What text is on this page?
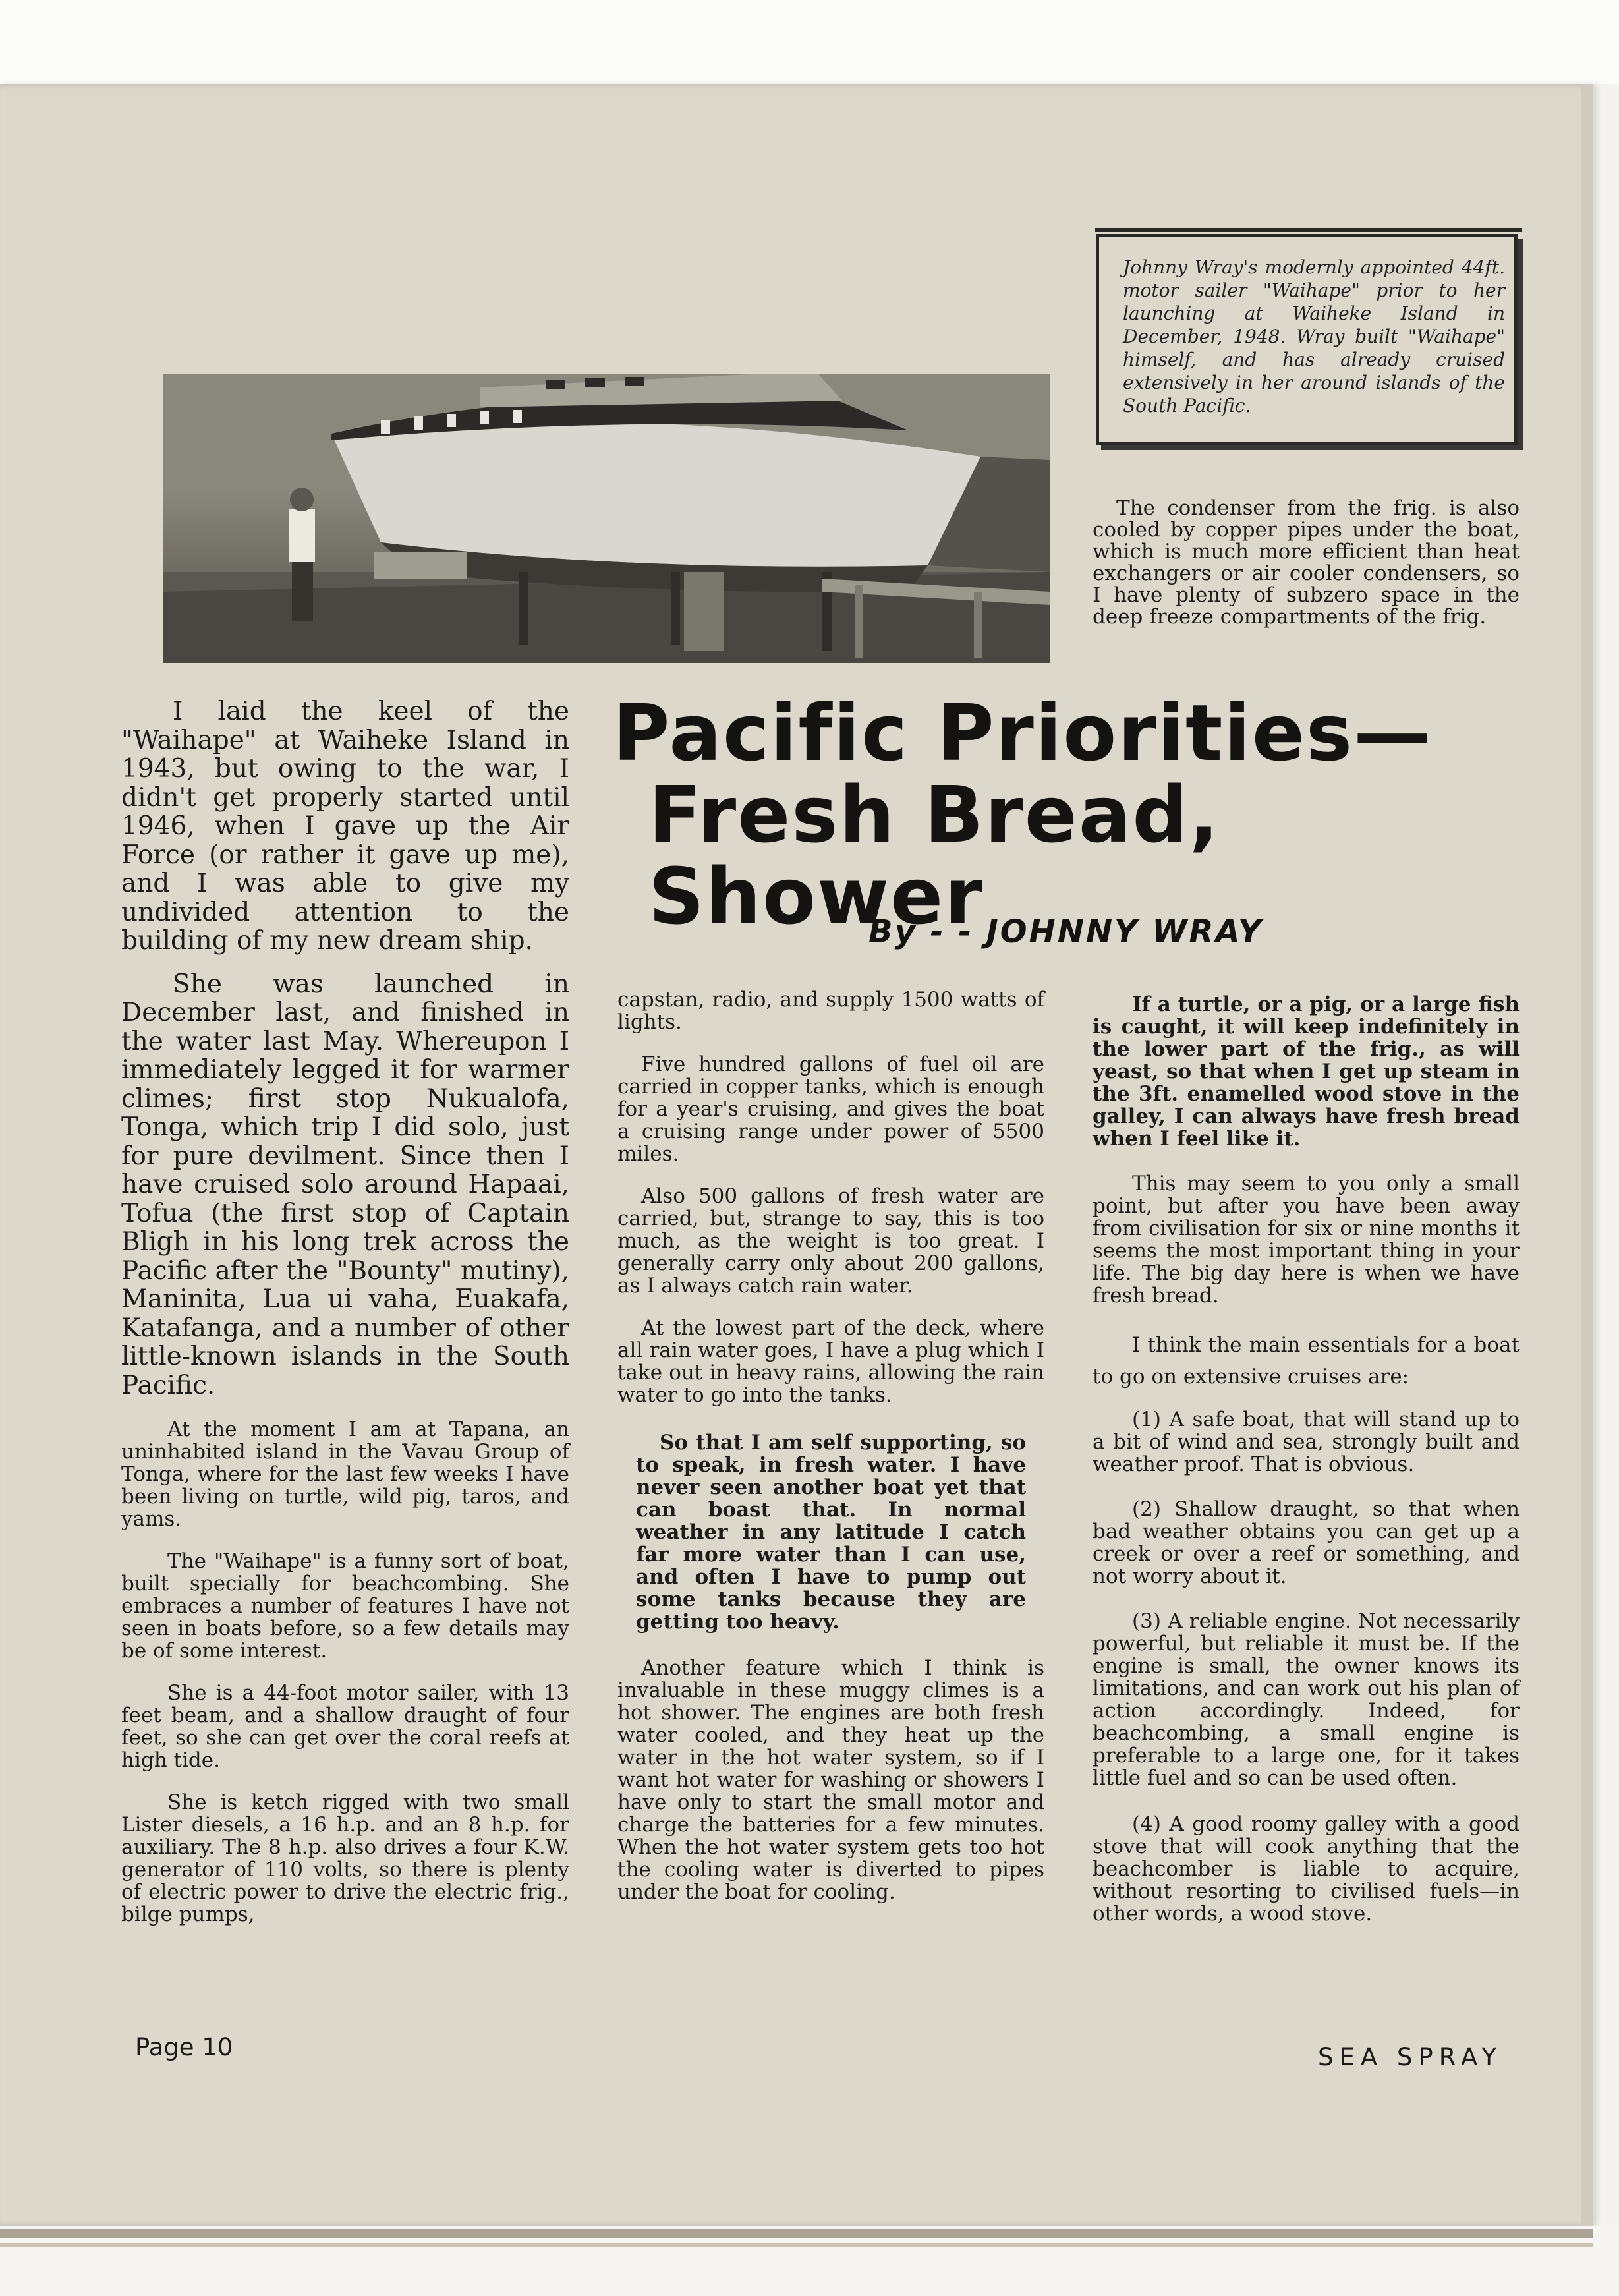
Johnny Wray's modernly appointed 44ft. motor sailer "Waihape" prior to her launching at Waiheke Island in December, 1948. Wray built "Waihape" himself, and has already cruised extensively in her around islands of the South Pacific.

The condenser from the frig. is also cooled by copper pipes under the boat, which is much more efficient than heat exchangers or air cooler condensers, so I have plenty of subzero space in the deep freeze compartments of the frig.

Pacific Priorities—
Fresh Bread, Shower
By - - JOHNNY WRAY

I laid the keel of the "Waihape" at Waiheke Island in 1943, but owing to the war, I didn't get properly started until 1946, when I gave up the Air Force (or rather it gave up me), and I was able to give my undivided attention to the building of my new dream ship.

She was launched in December last, and finished in the water last May. Whereupon I immediately legged it for warmer climes; first stop Nukualofa, Tonga, which trip I did solo, just for pure devilment. Since then I have cruised solo around Hapaai, Tofua (the first stop of Captain Bligh in his long trek across the Pacific after the "Bounty" mutiny), Maninita, Lua ui vaha, Euakafa, Katafanga, and a number of other little-known islands in the South Pacific.

At the moment I am at Tapana, an uninhabited island in the Vavau Group of Tonga, where for the last few weeks I have been living on turtle, wild pig, taros, and yams.

The "Waihape" is a funny sort of boat, built specially for beachcombing. She embraces a number of features I have not seen in boats before, so a few details may be of some interest.

She is a 44-foot motor sailer, with 13 feet beam, and a shallow draught of four feet, so she can get over the coral reefs at high tide.

She is ketch rigged with two small Lister diesels, a 16 h.p. and an 8 h.p. for auxiliary. The 8 h.p. also drives a four K.W. generator of 110 volts, so there is plenty of electric power to drive the electric frig., bilge pumps,

capstan, radio, and supply 1500 watts of lights.

Five hundred gallons of fuel oil are carried in copper tanks, which is enough for a year's cruising, and gives the boat a cruising range under power of 5500 miles.

Also 500 gallons of fresh water are carried, but, strange to say, this is too much, as the weight is too great. I generally carry only about 200 gallons, as I always catch rain water.

At the lowest part of the deck, where all rain water goes, I have a plug which I take out in heavy rains, allowing the rain water to go into the tanks.

So that I am self supporting, so to speak, in fresh water. I have never seen another boat yet that can boast that. In normal weather in any latitude I catch far more water than I can use, and often I have to pump out some tanks because they are getting too heavy.

Another feature which I think is invaluable in these muggy climes is a hot shower. The engines are both fresh water cooled, and they heat up the water in the hot water system, so if I want hot water for washing or showers I have only to start the small motor and charge the batteries for a few minutes. When the hot water system gets too hot the cooling water is diverted to pipes under the boat for cooling.

If a turtle, or a pig, or a large fish is caught, it will keep indefinitely in the lower part of the frig., as will yeast, so that when I get up steam in the 3ft. enamelled wood stove in the galley, I can always have fresh bread when I feel like it.

This may seem to you only a small point, but after you have been away from civilisation for six or nine months it seems the most important thing in your life. The big day here is when we have fresh bread.

I think the main essentials for a boat to go on extensive cruises are:

(1) A safe boat, that will stand up to a bit of wind and sea, strongly built and weather proof. That is obvious.

(2) Shallow draught, so that when bad weather obtains you can get up a creek or over a reef or something, and not worry about it.

(3) A reliable engine. Not necessarily powerful, but reliable it must be. If the engine is small, the owner knows its limitations, and can work out his plan of action accordingly. Indeed, for beachcombing, a small engine is preferable to a large one, for it takes little fuel and so can be used often.

(4) A good roomy galley with a good stove that will cook anything that the beachcomber is liable to acquire, without resorting to civilised fuels—in other words, a wood stove.

Page 10	SEA SPRAY
